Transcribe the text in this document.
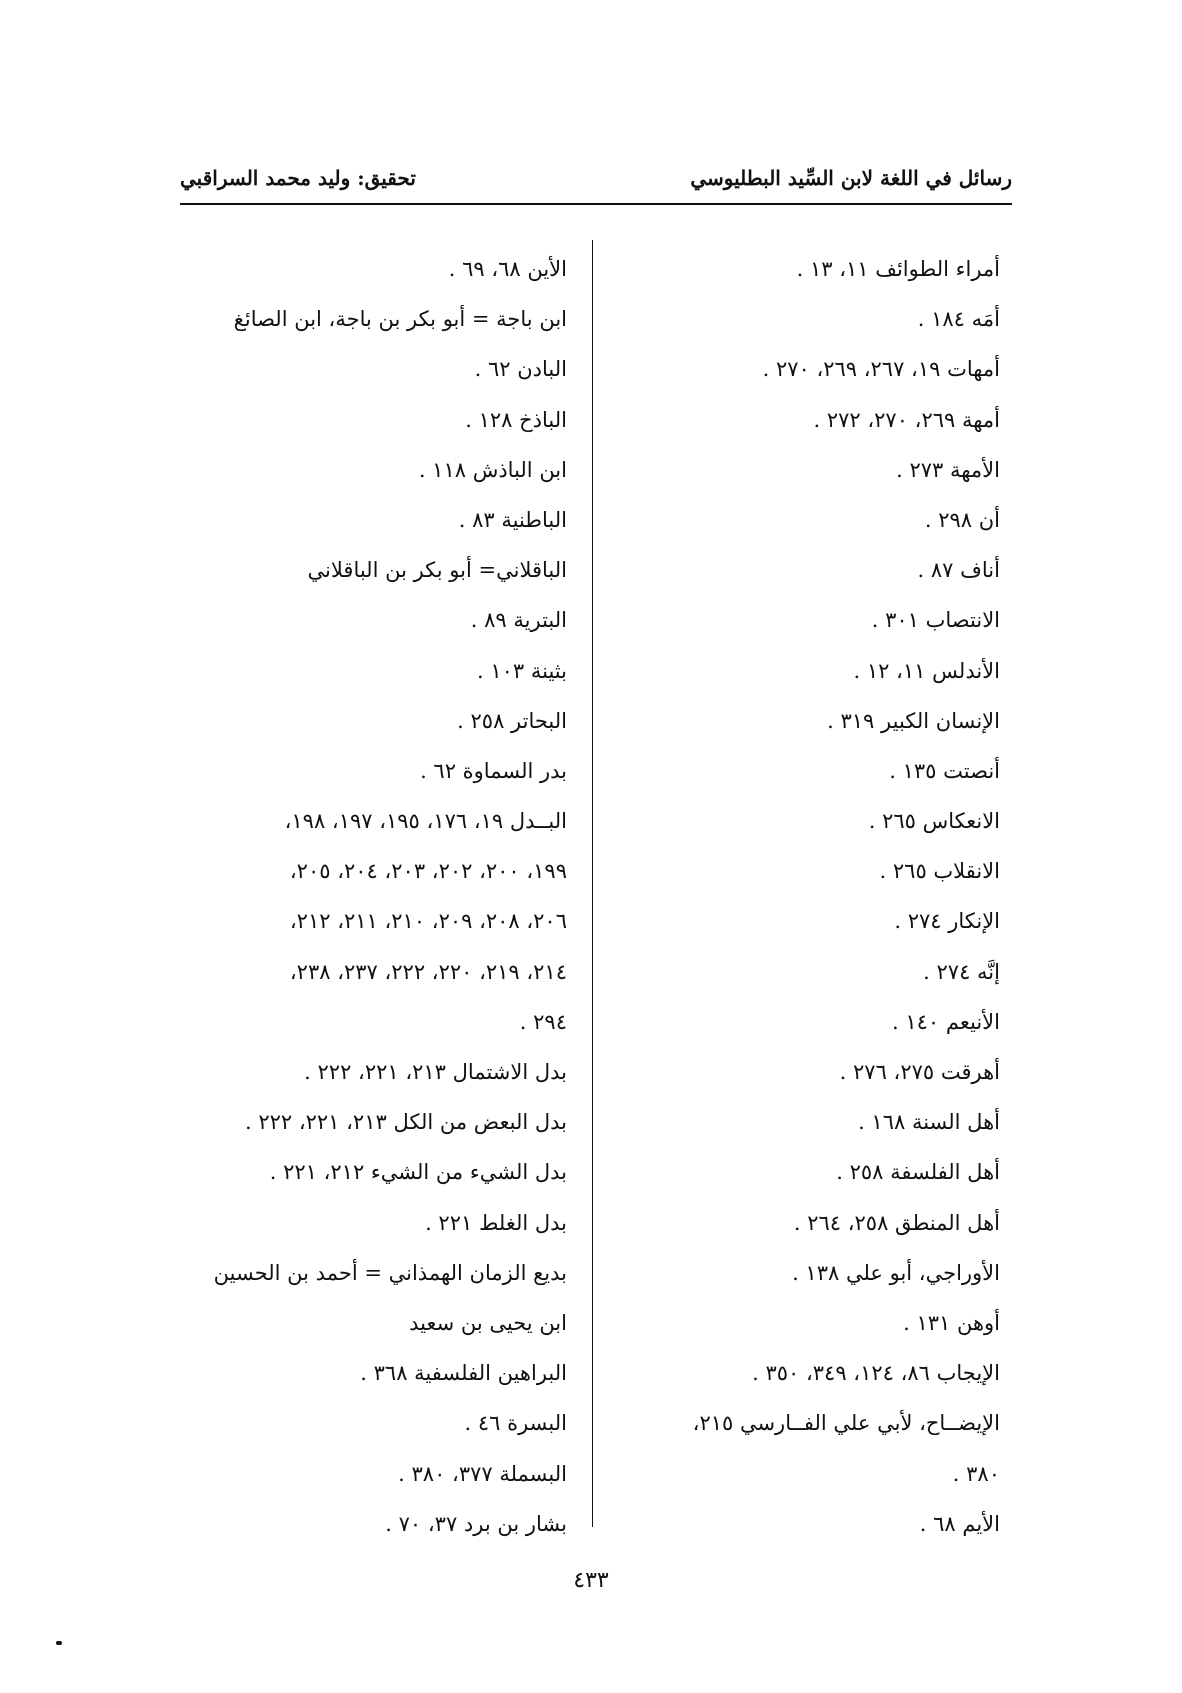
رسائل في اللغة لابن السِّيد البطليوسي
تحقيق: وليد محمد السراقبي
أمراء الطوائف ١١، ١٣ .
أمَه ١٨٤ .
أمهات ١٩، ٢٦٧، ٢٦٩، ٢٧٠ .
أمهة ٢٦٩، ٢٧٠، ٢٧٢ .
الأمهة ٢٧٣ .
أن ٢٩٨ .
أناف ٨٧ .
الانتصاب ٣٠١ .
الأندلس ١١، ١٢ .
الإنسان الكبير ٣١٩ .
أنصتت ١٣٥ .
الانعكاس ٢٦٥ .
الانقلاب ٢٦٥ .
الإنكار ٢٧٤ .
إنَّه ٢٧٤ .
الأنيعم ١٤٠ .
أهرقت ٢٧٥، ٢٧٦ .
أهل السنة ١٦٨ .
أهل الفلسفة ٢٥٨ .
أهل المنطق ٢٥٨، ٢٦٤ .
الأوراجي، أبو علي ١٣٨ .
أوهن ١٣١ .
الإيجاب ٨٦، ١٢٤، ٣٤٩، ٣٥٠ .
الإيضــاح، لأبي علي الفــارسي ٢١٥،
٣٨٠ .
الأيم ٦٨ .
الأين ٦٨، ٦٩ .
ابن باجة = أبو بكر بن باجة، ابن الصائغ
البادن ٦٢ .
الباذخ ١٢٨ .
ابن الباذش ١١٨ .
الباطنية ٨٣ .
الباقلاني= أبو بكر بن الباقلاني
البترية ٨٩ .
بثينة ١٠٣ .
البحاتر ٢٥٨ .
بدر السماوة ٦٢ .
البــدل ١٩، ١٧٦، ١٩٥، ١٩٧، ١٩٨،
١٩٩، ٢٠٠، ٢٠٢، ٢٠٣، ٢٠٤، ٢٠٥،
٢٠٦، ٢٠٨، ٢٠٩، ٢١٠، ٢١١، ٢١٢،
٢١٤، ٢١٩، ٢٢٠، ٢٢٢، ٢٣٧، ٢٣٨،
٢٩٤ .
بدل الاشتمال ٢١٣، ٢٢١، ٢٢٢ .
بدل البعض من الكل ٢١٣، ٢٢١، ٢٢٢ .
بدل الشيء من الشيء ٢١٢، ٢٢١ .
بدل الغلط ٢٢١ .
بديع الزمان الهمذاني = أحمد بن الحسين
ابن يحيى بن سعيد
البراهين الفلسفية ٣٦٨ .
البسرة ٤٦ .
البسملة ٣٧٧، ٣٨٠ .
بشار بن برد ٣٧، ٧٠ .
٤٣٣
